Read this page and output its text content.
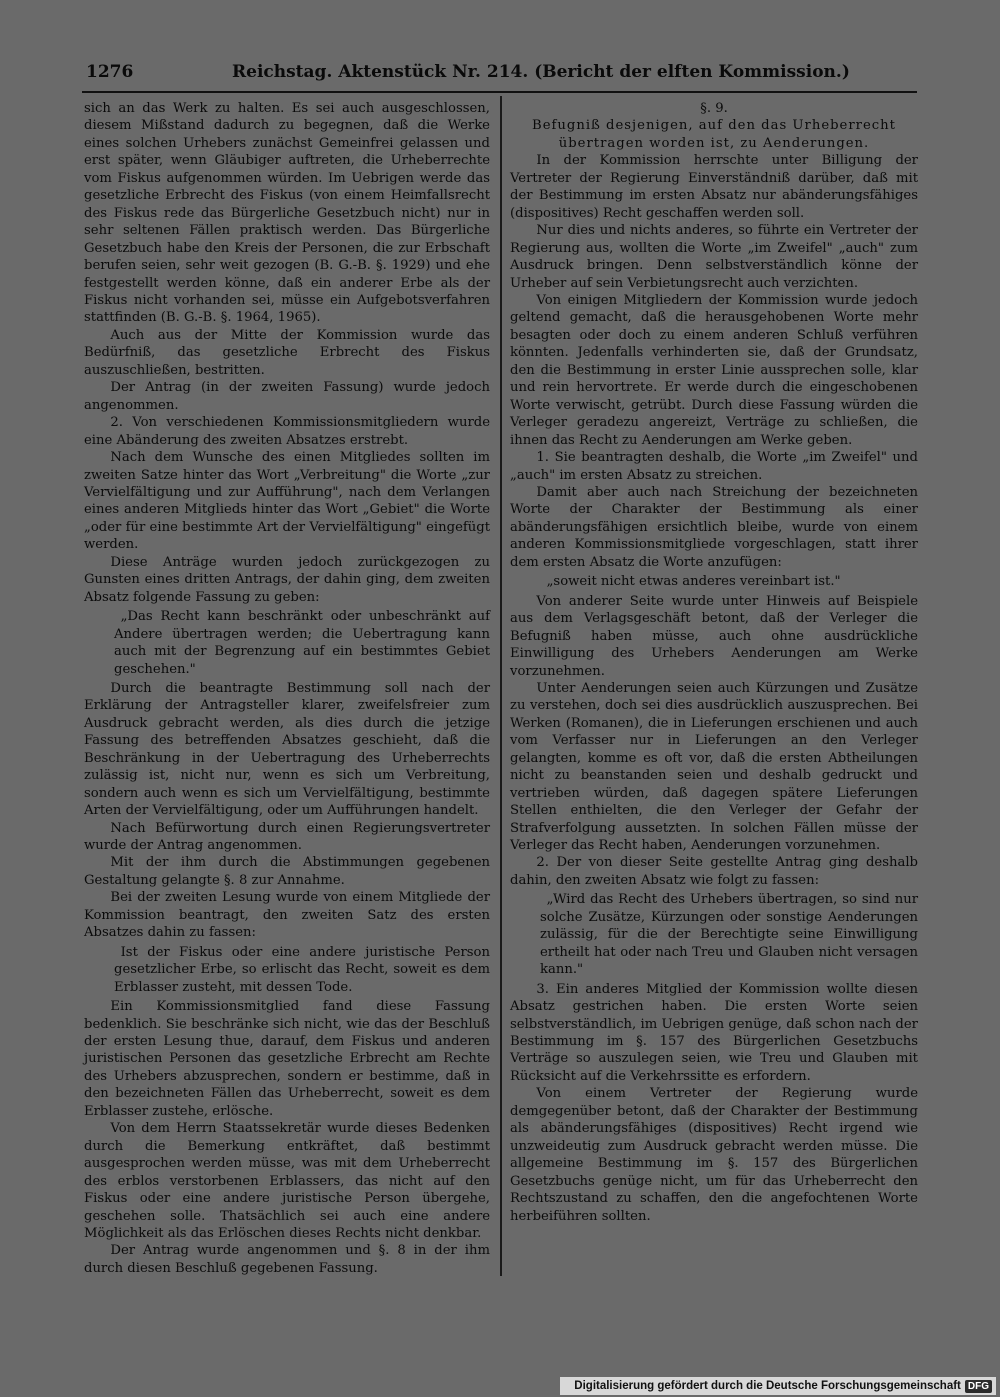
1276	Reichstag. Aktenstück Nr. 214. (Bericht der elften Kommission.)

sich an das Werk zu halten. Es sei auch ausgeschlossen, diesem Mißstand dadurch zu begegnen, daß die Werke eines solchen Urhebers zunächst Gemeinfrei gelassen und erst später, wenn Gläubiger auftreten, die Urheberrechte vom Fiskus aufgenommen würden. Im Uebrigen werde das gesetzliche Erbrecht des Fiskus (von einem Heimfallsrecht des Fiskus rede das Bürgerliche Gesetzbuch nicht) nur in sehr seltenen Fällen praktisch werden. Das Bürgerliche Gesetzbuch habe den Kreis der Personen, die zur Erbschaft berufen seien, sehr weit gezogen (B. G.-B. §. 1929) und ehe festgestellt werden könne, daß ein anderer Erbe als der Fiskus nicht vorhanden sei, müsse ein Aufgebotsverfahren stattfinden (B. G.-B. §. 1964, 1965).

Auch aus der Mitte der Kommission wurde das Bedürfniß, das gesetzliche Erbrecht des Fiskus auszuschließen, bestritten.

Der Antrag (in der zweiten Fassung) wurde jedoch angenommen.

2. Von verschiedenen Kommissionsmitgliedern wurde eine Abänderung des zweiten Absatzes erstrebt.

Nach dem Wunsche des einen Mitgliedes sollten im zweiten Satze hinter das Wort „Verbreitung" die Worte „zur Vervielfältigung und zur Aufführung", nach dem Verlangen eines anderen Mitglieds hinter das Wort „Gebiet" die Worte „oder für eine bestimmte Art der Vervielfältigung" eingefügt werden.

Diese Anträge wurden jedoch zurückgezogen zu Gunsten eines dritten Antrags, der dahin ging, dem zweiten Absatz folgende Fassung zu geben:

„Das Recht kann beschränkt oder unbeschränkt auf Andere übertragen werden; die Uebertragung kann auch mit der Begrenzung auf ein bestimmtes Gebiet geschehen."

Durch die beantragte Bestimmung soll nach der Erklärung der Antragsteller klarer, zweifelsfreier zum Ausdruck gebracht werden, als dies durch die jetzige Fassung des betreffenden Absatzes geschieht, daß die Beschränkung in der Uebertragung des Urheberrechts zulässig ist, nicht nur, wenn es sich um Verbreitung, sondern auch wenn es sich um Vervielfältigung, bestimmte Arten der Vervielfältigung, oder um Aufführungen handelt.

Nach Befürwortung durch einen Regierungsvertreter wurde der Antrag angenommen.

Mit der ihm durch die Abstimmungen gegebenen Gestaltung gelangte §. 8 zur Annahme.

Bei der zweiten Lesung wurde von einem Mitgliede der Kommission beantragt, den zweiten Satz des ersten Absatzes dahin zu fassen:

Ist der Fiskus oder eine andere juristische Person gesetzlicher Erbe, so erlischt das Recht, soweit es dem Erblasser zusteht, mit dessen Tode.

Ein Kommissionsmitglied fand diese Fassung bedenklich. Sie beschränke sich nicht, wie das der Beschluß der ersten Lesung thue, darauf, dem Fiskus und anderen juristischen Personen das gesetzliche Erbrecht am Rechte des Urhebers abzusprechen, sondern er bestimme, daß in den bezeichneten Fällen das Urheberrecht, soweit es dem Erblasser zustehe, erlösche.

Von dem Herrn Staatssekretär wurde dieses Bedenken durch die Bemerkung entkräftet, daß bestimmt ausgesprochen werden müsse, was mit dem Urheberrecht des erblos verstorbenen Erblassers, das nicht auf den Fiskus oder eine andere juristische Person übergehe, geschehen solle. Thatsächlich sei auch eine andere Möglichkeit als das Erlöschen dieses Rechts nicht denkbar.

Der Antrag wurde angenommen und §. 8 in der ihm durch diesen Beschluß gegebenen Fassung.

§. 9.

Befugniß desjenigen, auf den das Urheberrecht übertragen worden ist, zu Aenderungen.

In der Kommission herrschte unter Billigung der Vertreter der Regierung Einverständniß darüber, daß mit der Bestimmung im ersten Absatz nur abänderungsfähiges (dispositives) Recht geschaffen werden soll.

Nur dies und nichts anderes, so führte ein Vertreter der Regierung aus, wollten die Worte „im Zweifel" „auch" zum Ausdruck bringen. Denn selbstverständlich könne der Urheber auf sein Verbietungsrecht auch verzichten.

Von einigen Mitgliedern der Kommission wurde jedoch geltend gemacht, daß die herausgehobenen Worte mehr besagten oder doch zu einem anderen Schluß verführen könnten. Jedenfalls verhinderten sie, daß der Grundsatz, den die Bestimmung in erster Linie aussprechen solle, klar und rein hervortrete. Er werde durch die eingeschobenen Worte verwischt, getrübt. Durch diese Fassung würden die Verleger geradezu angereizt, Verträge zu schließen, die ihnen das Recht zu Aenderungen am Werke geben.

1. Sie beantragten deshalb, die Worte „im Zweifel" und „auch" im ersten Absatz zu streichen.

Damit aber auch nach Streichung der bezeichneten Worte der Charakter der Bestimmung als einer abänderungsfähigen ersichtlich bleibe, wurde von einem anderen Kommissionsmitgliede vorgeschlagen, statt ihrer dem ersten Absatz die Worte anzufügen:

„soweit nicht etwas anderes vereinbart ist."

Von anderer Seite wurde unter Hinweis auf Beispiele aus dem Verlagsgeschäft betont, daß der Verleger die Befugniß haben müsse, auch ohne ausdrückliche Einwilligung des Urhebers Aenderungen am Werke vorzunehmen.

Unter Aenderungen seien auch Kürzungen und Zusätze zu verstehen, doch sei dies ausdrücklich auszusprechen. Bei Werken (Romanen), die in Lieferungen erschienen und auch vom Verfasser nur in Lieferungen an den Verleger gelangten, komme es oft vor, daß die ersten Abtheilungen nicht zu beanstanden seien und deshalb gedruckt und vertrieben würden, daß dagegen spätere Lieferungen Stellen enthielten, die den Verleger der Gefahr der Strafverfolgung aussetzten. In solchen Fällen müsse der Verleger das Recht haben, Aenderungen vorzunehmen.

2. Der von dieser Seite gestellte Antrag ging deshalb dahin, den zweiten Absatz wie folgt zu fassen:

„Wird das Recht des Urhebers übertragen, so sind nur solche Zusätze, Kürzungen oder sonstige Aenderungen zulässig, für die der Berechtigte seine Einwilligung ertheilt hat oder nach Treu und Glauben nicht versagen kann."

3. Ein anderes Mitglied der Kommission wollte diesen Absatz gestrichen haben. Die ersten Worte seien selbstverständlich, im Uebrigen genüge, daß schon nach der Bestimmung im §. 157 des Bürgerlichen Gesetzbuchs Verträge so auszulegen seien, wie Treu und Glauben mit Rücksicht auf die Verkehrssitte es erfordern.

Von einem Vertreter der Regierung wurde demgegenüber betont, daß der Charakter der Bestimmung als abänderungsfähiges (dispositives) Recht irgend wie unzweideutig zum Ausdruck gebracht werden müsse. Die allgemeine Bestimmung im §. 157 des Bürgerlichen Gesetzbuchs genüge nicht, um für das Urheberrecht den Rechtszustand zu schaffen, den die angefochtenen Worte herbeiführen sollten.

Digitalisierung gefördert durch die Deutsche Forschungsgemeinschaft DFG
